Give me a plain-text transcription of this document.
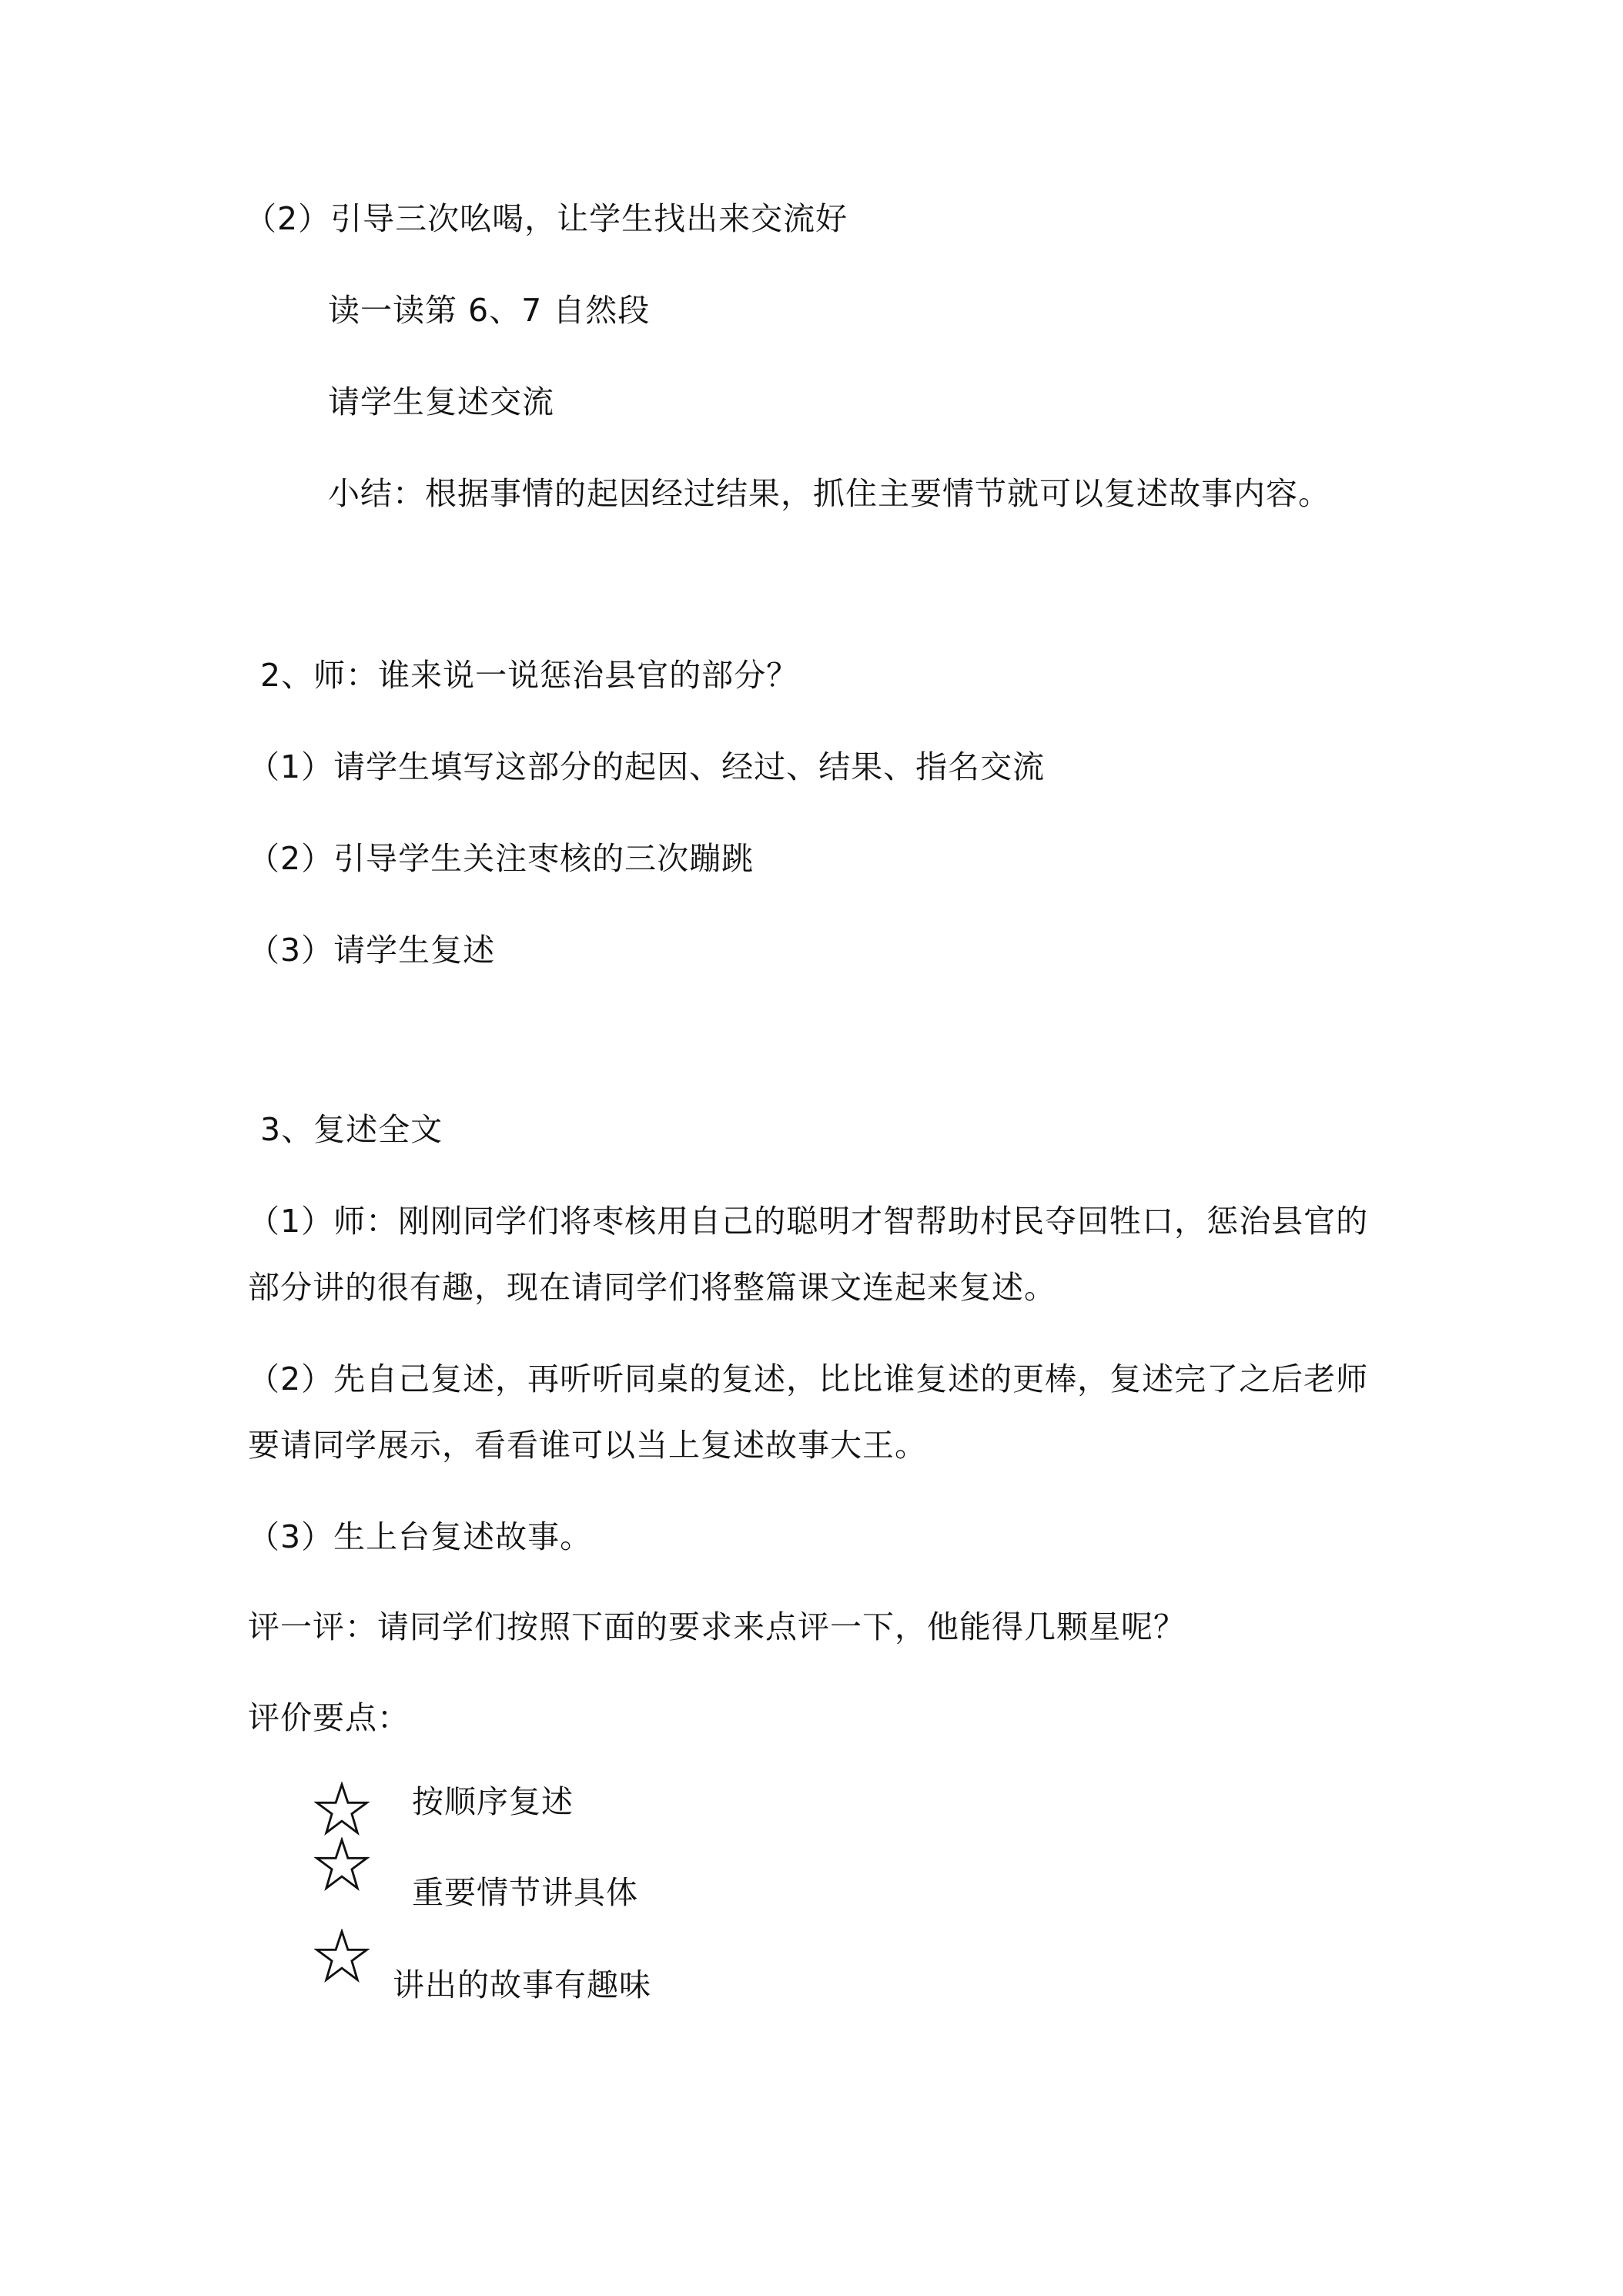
（2）引导三次吆喝，让学生找出来交流好
读一读第 6、7 自然段
请学生复述交流
小结：根据事情的起因经过结果，抓住主要情节就可以复述故事内容。
2、师：谁来说一说惩治县官的部分？
（1）请学生填写这部分的起因、经过、结果、指名交流
（2）引导学生关注枣核的三次蹦跳
（3）请学生复述
3、复述全文
（1）师：刚刚同学们将枣核用自己的聪明才智帮助村民夺回牲口，惩治县官的
部分讲的很有趣，现在请同学们将整篇课文连起来复述。
（2）先自己复述，再听听同桌的复述，比比谁复述的更棒，复述完了之后老师
要请同学展示，看看谁可以当上复述故事大王。
（3）生上台复述故事。
评一评：请同学们按照下面的要求来点评一下，他能得几颗星呢？
评价要点：
按顺序复述
重要情节讲具体
讲出的故事有趣味
